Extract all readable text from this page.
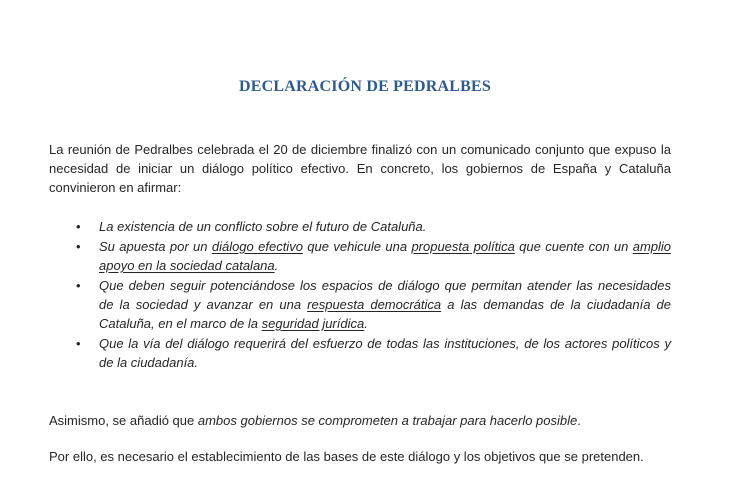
DECLARACIÓN DE PEDRALBES

La reunión de Pedralbes celebrada el 20 de diciembre finalizó con un comunicado conjunto que expuso la necesidad de iniciar un diálogo político efectivo. En concreto, los gobiernos de España y Cataluña convinieron en afirmar:

• La existencia de un conflicto sobre el futuro de Cataluña.
• Su apuesta por un diálogo efectivo que vehicule una propuesta política que cuente con un amplio apoyo en la sociedad catalana.
• Que deben seguir potenciándose los espacios de diálogo que permitan atender las necesidades de la sociedad y avanzar en una respuesta democrática a las demandas de la ciudadanía de Cataluña, en el marco de la seguridad jurídica.
• Que la vía del diálogo requerirá del esfuerzo de todas las instituciones, de los actores políticos y de la ciudadanía.

Asimismo, se añadió que ambos gobiernos se comprometen a trabajar para hacerlo posible.

Por ello, es necesario el establecimiento de las bases de este diálogo y los objetivos que se pretenden.
